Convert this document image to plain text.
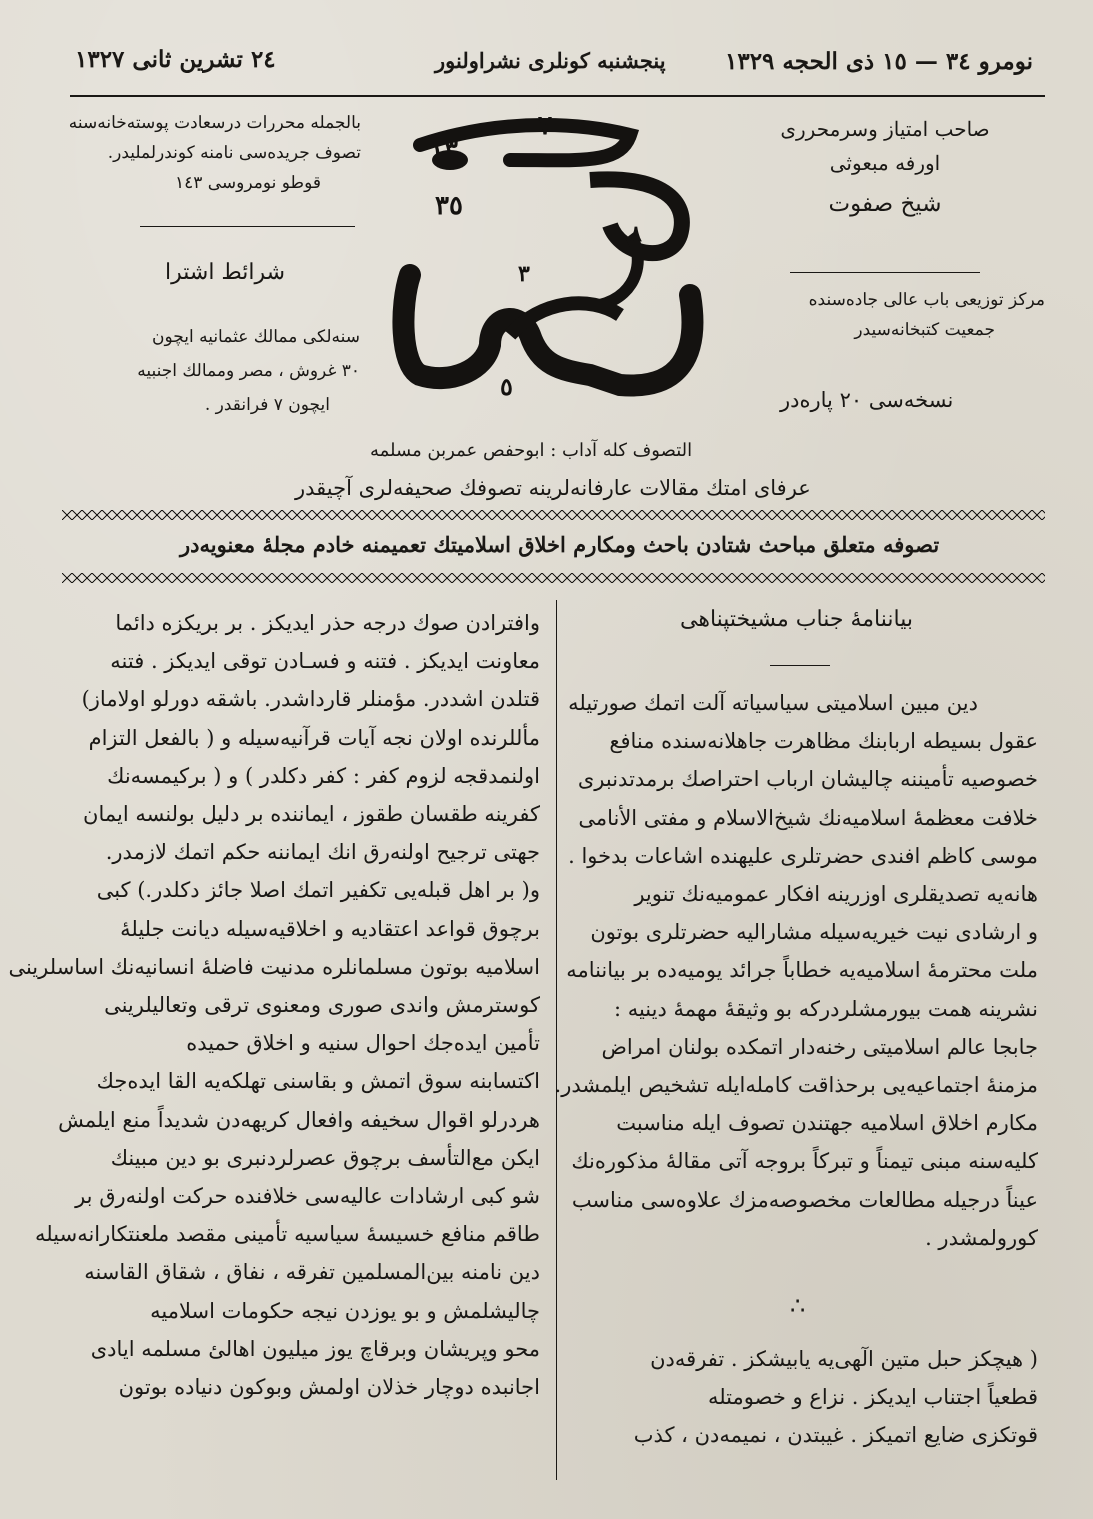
نومرو ٣٤ — ١٥ ذی الحجه ١٣٢٩
پنجشنبه كونلری نشراولنور
٢٤ تشرين ثانی ١٣٢٧
بالجمله محررات درسعادت پوسته‌خانه‌سنه
تصوف جريده‌سی نامنه كوندرلمليدر.
قوطو نومروسی ١٤٣
شرائط اشترا
سنه‌لكی ممالك عثمانیه ايچون
٣٠ غروش ، مصر وممالك اجنبيه
ايچون ٧ فرانقدر .
١٣
٧
٣٥
٨
٣
٥
صاحب امتياز وسرمحرری
اورفه مبعوثی
شيخ صفوت
مركز توزيعی باب عالی جاده‌سنده
جمعيت كتبخانه‌سيدر
نسخه‌سی ٢٠ پاره‌در
التصوف كله آداب : ابوحفص عمربن مسلمه
عرفای امتك مقالات عارفانه‌لرينه تصوفك صحيفه‌لری آچيقدر
تصوفه متعلق مباحث شتادن باحث ومكارم اخلاق اسلاميتك تعميمنه خادم مجلۀ معنويه‌در
بياننامۀ جناب مشيختپناهی
دين مبين اسلاميتی سياسياته آلت اتمك صورتيله
عقول بسيطه اربابنك مظاهرت جاهلانه‌سنده منافع
خصوصيه تأمیننه چاليشان ارباب احتراصك برمدتدنبری
خلافت معظمۀ اسلاميه‌نك شيخ‌الاسلام و مفتی الأنامی
موسی كاظم افندی حضرتلری عليهنده اشاعات بدخوا .
هانه‌يه تصديقلری اوزرينه افكار عموميه‌نك تنوير
و ارشادی نيت خيريه‌سيله مشاراليه حضرتلری بوتون
ملت محترمۀ اسلاميه‌يه خطاباً جرائد يوميه‌ده بر بياننامه
نشرينه همت بيورمشلردركه بو وثيقۀ مهمۀ دينيه :
جابجا عالم اسلاميتی رخنه‌دار اتمكده بولنان امراض
مزمنۀ اجتماعيه‌يی برحذاقت كامله‌ايله تشخيص ايلمشدر.
مكارم اخلاق اسلاميه جهتندن تصوف ايله مناسبت
كليه‌سنه مبنی تيمناً و تبركاً بروجه آتی مقالۀ مذكوره‌نك
عيناً درجيله مطالعات مخصوصه‌مزك علاوه‌سی مناسب
كورولمشدر .
∴
( هيچكز حبل متين الٓهی‌يه يابيشكز . تفرقه‌دن
قطعياً اجتناب ايديكز . نزاع و خصومتله
قوتكزی ضايع اتميكز . غيبتدن ، نميمه‌دن ، كذب
وافترادن صوك درجه حذر ايديكز . بر بريكزه دائما
معاونت ايديكز . فتنه و فسـادن توقی ايديكز . فتنه
قتلدن اشددر. مؤمنلر قارداشدر. باشقه دورلو اولاماز)
مأللرنده اولان نجه آيات قرآنيه‌سيله و ( بالفعل التزام
اولنمدقجه لزوم كفر : كفر دكلدر ) و ( بركيمسه‌نك
كفرينه طقسان طقوز ، ايماننده بر دليل بولنسه ايمان
جهتی ترجيح اولنه‌رق انك ايماننه حكم اتمك لازمدر.
و( بر اهل قبله‌يی تكفير اتمك اصلا جائز دكلدر.) كبی
برچوق قواعد اعتقاديه و اخلاقيه‌سيله ديانت جليلۀ
اسلاميه بوتون مسلمانلره مدنيت فاضلۀ انسانيه‌نك اساسلرينی
كوسترمش واندی صوری ومعنوی ترقی وتعاليلرينی
تأمين ايده‌جك احوال سنيه و اخلاق حميده
اكتسابنه سوق اتمش و بقاسنی تهلكه‌يه القا ايده‌جك
هردرلو اقوال سخيفه وافعال كريهه‌دن شديداً منع ايلمش
ايكن مع‌التأسف برچوق عصرلردنبری بو دين مبينك
شو كبی ارشادات عاليه‌سی خلافنده حركت اولنه‌رق بر
طاقم منافع خسيسۀ سياسيه تأمينی مقصد ملعنتكارانه‌سيله
دين نامنه بين‌المسلمين تفرقه ، نفاق ، شقاق القاسنه
چاليشلمش و بو يوزدن نيجه حكومات اسلاميه
محو وپريشان وبرقاچ يوز ميليون اهالئ مسلمه ايادی
اجانبده دوچار خذلان اولمش وبوكون دنياده بوتون
